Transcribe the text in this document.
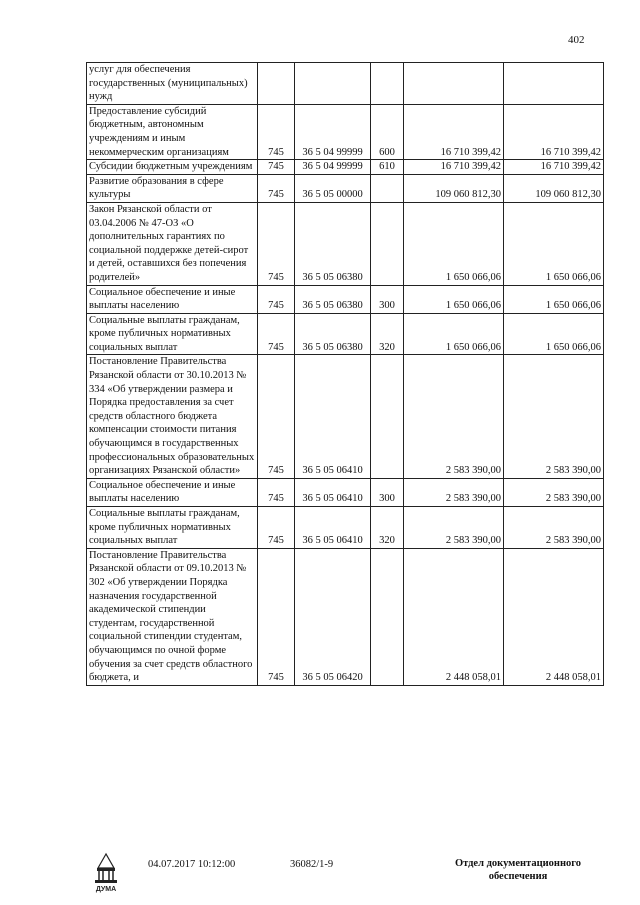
402
услуг для обеспечения государственных (муниципальных) нужд					
Предоставление субсидий бюджетным, автономным учреждениям и иным некоммерческим организациям	745	36 5 04 99999	600	16 710 399,42	16 710 399,42
Субсидии бюджетным учреждениям	745	36 5 04 99999	610	16 710 399,42	16 710 399,42
Развитие образования в сфере культуры	745	36 5 05 00000		109 060 812,30	109 060 812,30
Закон Рязанской области от 03.04.2006 № 47-ОЗ «О дополнительных гарантиях по социальной поддержке детей-сирот и детей, оставшихся без попечения родителей»	745	36 5 05 06380		1 650 066,06	1 650 066,06
Социальное обеспечение и иные выплаты населению	745	36 5 05 06380	300	1 650 066,06	1 650 066,06
Социальные выплаты гражданам, кроме публичных нормативных социальных выплат	745	36 5 05 06380	320	1 650 066,06	1 650 066,06
Постановление Правительства Рязанской области от 30.10.2013 № 334 «Об утверждении размера и Порядка предоставления за счет средств областного бюджета компенсации стоимости питания обучающимся в государственных профессиональных образовательных организациях Рязанской области»	745	36 5 05 06410		2 583 390,00	2 583 390,00
Социальное обеспечение и иные выплаты населению	745	36 5 05 06410	300	2 583 390,00	2 583 390,00
Социальные выплаты гражданам, кроме публичных нормативных социальных выплат	745	36 5 05 06410	320	2 583 390,00	2 583 390,00
Постановление Правительства Рязанской области от 09.10.2013 № 302 «Об утверждении Порядка назначения государственной академической стипендии студентам, государственной социальной стипендии студентам, обучающимся по очной форме обучения за счет средств областного бюджета, и	745	36 5 05 06420		2 448 058,01	2 448 058,01
ДУМА
04.07.2017 10:12:00	36082/1-9	Отдел документационного обеспечения
